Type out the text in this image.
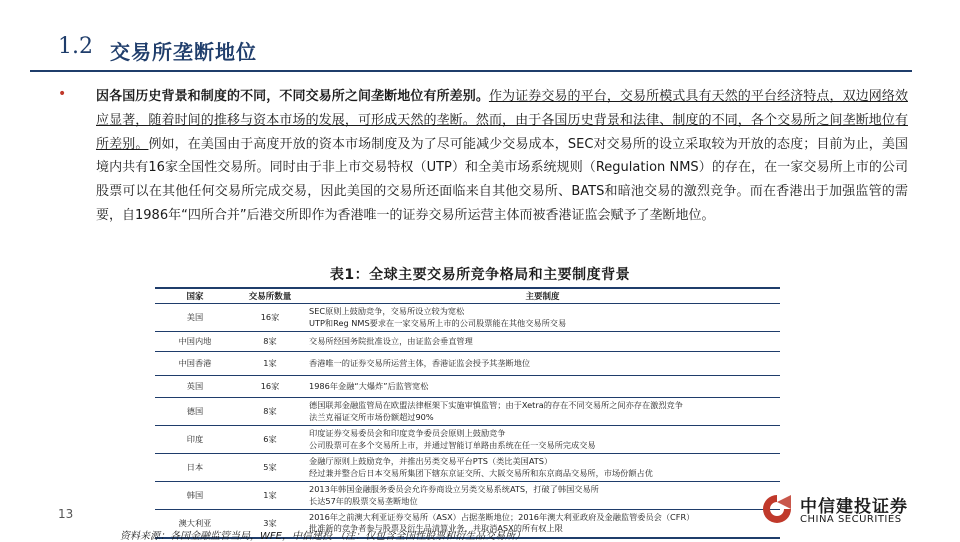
1.2 交易所垄断地位
• 因各国历史背景和制度的不同，不同交易所之间垄断地位有所差别。作为证券交易的平台，交易所模式具有天然的平台经济特点，双边网络效应显著，随着时间的推移与资本市场的发展，可形成天然的垄断。然而，由于各国历史背景和法律、制度的不同，各个交易所之间垄断地位有所差别。例如，在美国由于高度开放的资本市场制度及为了尽可能减少交易成本，SEC对交易所的设立采取较为开放的态度；目前为止，美国境内共有16家全国性交易所。同时由于非上市交易特权（UTP）和全美市场系统规则（Regulation NMS）的存在，在一家交易所上市的公司股票可以在其他任何交易所完成交易，因此美国的交易所还面临来自其他交易所、BATS和暗池交易的激烈竞争。而在香港出于加强监管的需要，自1986年“四所合并”后港交所即作为香港唯一的证券交易所运营主体而被香港证监会赋予了垄断地位。
表1：全球主要交易所竞争格局和主要制度背景
国家	交易所数量	主要制度
美国	16家	SEC原则上鼓励竞争，交易所设立较为宽松
UTP和Reg NMS要求在一家交易所上市的公司股票能在其他交易所交易

中国内地	8家	交易所经国务院批准设立，由证监会垂直管理

中国香港	1家	香港唯一的证券交易所运营主体，香港证监会授予其垄断地位

英国	16家	1986年金融“大爆炸”后监管宽松

德国	8家	德国联邦金融监管局在欧盟法律框架下实施审慎监管；由于Xetra的存在不同交易所之间亦存在激烈竞争
法兰克福证交所市场份额超过90%

印度	6家	印度证券交易委员会和印度竞争委员会原则上鼓励竞争
公司股票可在多个交易所上市，并通过智能订单路由系统在任一交易所完成交易

日本	5家	金融厅原则上鼓励竞争，并推出另类交易平台PTS（类比美国ATS）
经过兼并整合后日本交易所集团下辖东京证交所、大阪交易所和东京商品交易所，市场份额占优

韩国	1家	2013年韩国金融服务委员会允许券商设立另类交易系统ATS，打破了韩国交易所
长达57年的股票交易垄断地位

澳大利亚	3家	2016年之前澳大利亚证券交易所（ASX）占据垄断地位；2016年澳大利亚政府及金融监管委员会（CFR）
批准新的竞争者参与股票及衍生品清算业务，并取消ASX的所有权上限
13
资料来源：各国金融监管当局，WFE，中信建投 （注：仅包含全国性股票和衍生品交易所）
中信建投证券
CHINA SECURITIES
